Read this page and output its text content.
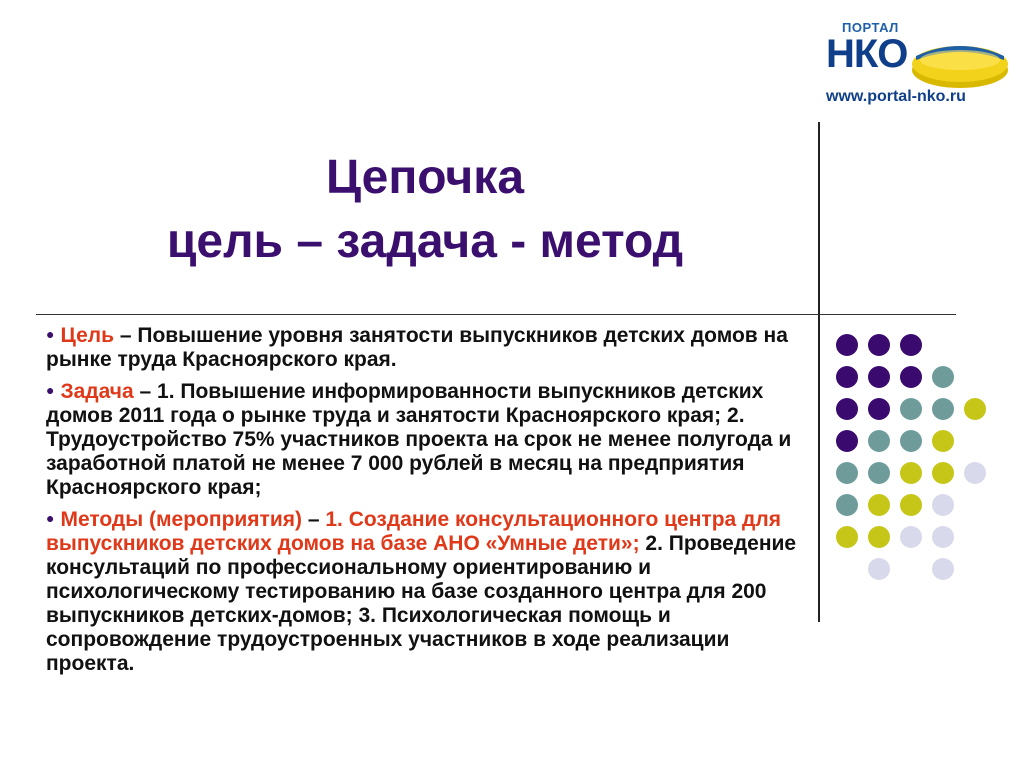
ПОРТАЛ
НКО
www.portal-nko.ru
Цепочка
цель – задача - метод

● Цель – Повышение уровня занятости выпускников детских домов на рынке труда Красноярского края.

● Задача – 1. Повышение информированности выпускников детских домов 2011 года о рынке труда и занятости Красноярского края; 2. Трудоустройство 75% участников проекта на срок не менее полугода и заработной платой не менее 7 000 рублей в месяц на предприятия Красноярского края;

● Методы (мероприятия) – 1. Создание консультационного центра для выпускников детских домов на базе АНО «Умные дети»; 2. Проведение консультаций по профессиональному ориентированию и психологическому тестированию на базе созданного центра для 200 выпускников детских-домов; 3. Психологическая помощь и сопровождение трудоустроенных участников в ходе реализации проекта.
